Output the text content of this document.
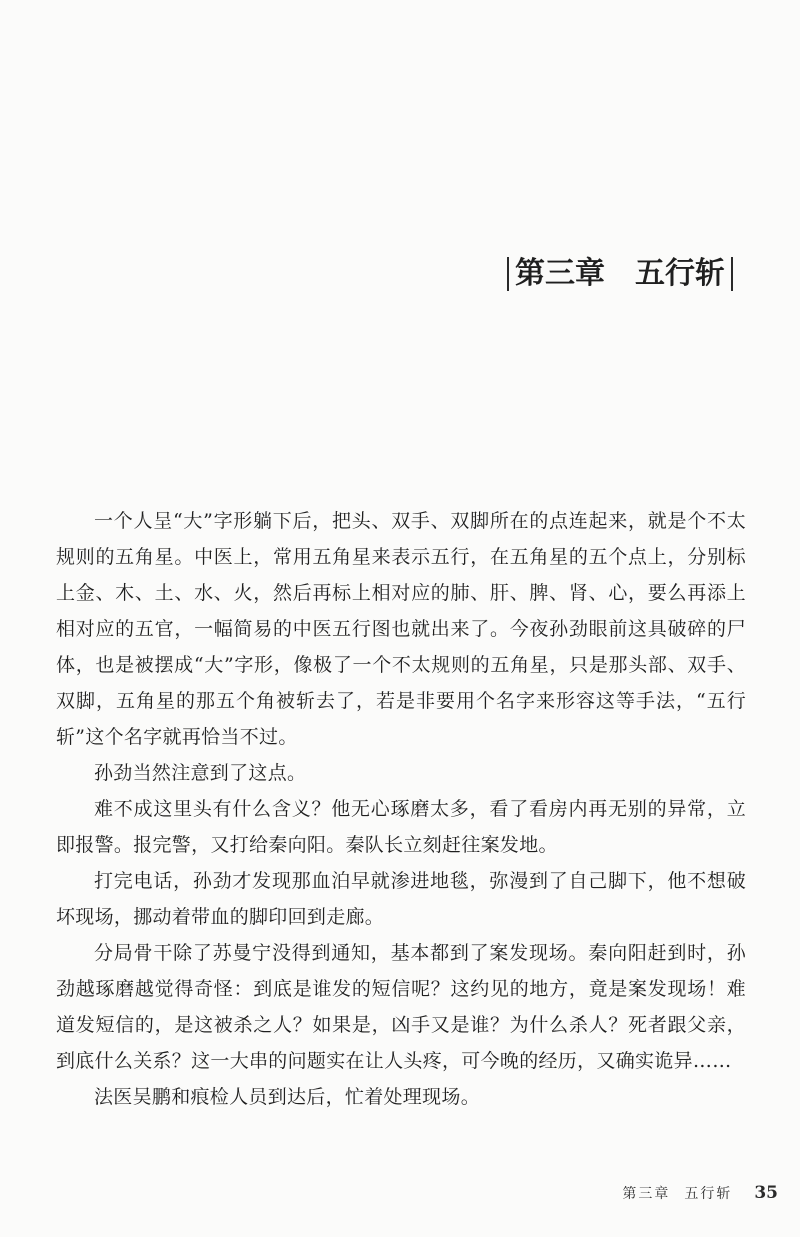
第三章 五行斩

一个人呈“大”字形躺下后，把头、双手、双脚所在的点连起来，就是个不太规则的五角星。中医上，常用五角星来表示五行，在五角星的五个点上，分别标上金、木、土、水、火，然后再标上相对应的肺、肝、脾、肾、心，要么再添上相对应的五官，一幅简易的中医五行图也就出来了。今夜孙劲眼前这具破碎的尸体，也是被摆成“大”字形，像极了一个不太规则的五角星，只是那头部、双手、双脚，五角星的那五个角被斩去了，若是非要用个名字来形容这等手法，“五行斩”这个名字就再恰当不过。

孙劲当然注意到了这点。

难不成这里头有什么含义？他无心琢磨太多，看了看房内再无别的异常，立即报警。报完警，又打给秦向阳。秦队长立刻赶往案发地。

打完电话，孙劲才发现那血泊早就渗进地毯，弥漫到了自己脚下，他不想破坏现场，挪动着带血的脚印回到走廊。

分局骨干除了苏曼宁没得到通知，基本都到了案发现场。秦向阳赶到时，孙劲越琢磨越觉得奇怪：到底是谁发的短信呢？这约见的地方，竟是案发现场！难道发短信的，是这被杀之人？如果是，凶手又是谁？为什么杀人？死者跟父亲，到底什么关系？这一大串的问题实在让人头疼，可今晚的经历，又确实诡异……

法医吴鹏和痕检人员到达后，忙着处理现场。

第三章 五行斩 35
